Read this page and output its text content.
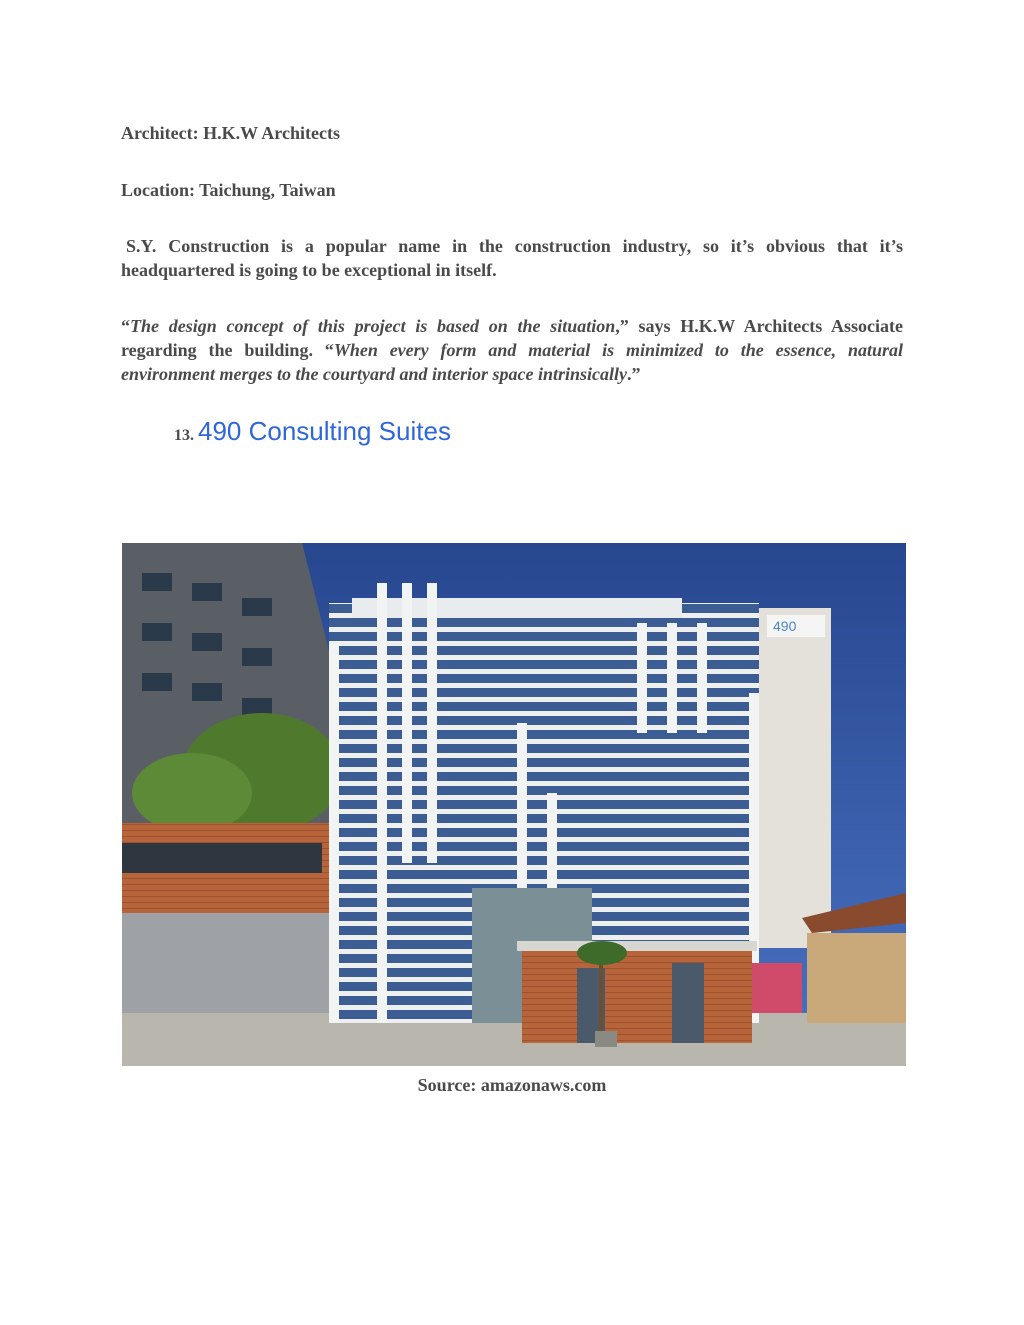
Architect: H.K.W Architects

Location: Taichung, Taiwan

S.Y. Construction is a popular name in the construction industry, so it’s obvious that it’s headquartered is going to be exceptional in itself.

“The design concept of this project is based on the situation,” says H.K.W Architects Associate regarding the building. “When every form and material is minimized to the essence, natural environment merges to the courtyard and interior space intrinsically.”

13. 490 Consulting Suites
490

Source: amazonaws.com
